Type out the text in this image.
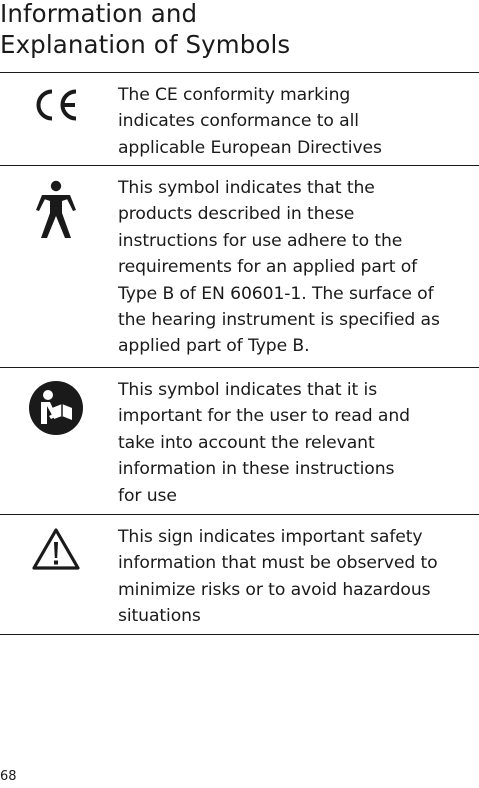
Information and
Explanation of Symbols
The CE conformity marking
indicates conformance to all
applicable European Directives
This symbol indicates that the
products described in these
instructions for use adhere to the
requirements for an applied part of
Type B of EN 60601-1. The surface of
the hearing instrument is specified as
applied part of Type B.
This symbol indicates that it is
important for the user to read and
take into account the relevant
information in these instructions
for use
This sign indicates important safety
information that must be observed to
minimize risks or to avoid hazardous
situations
68
